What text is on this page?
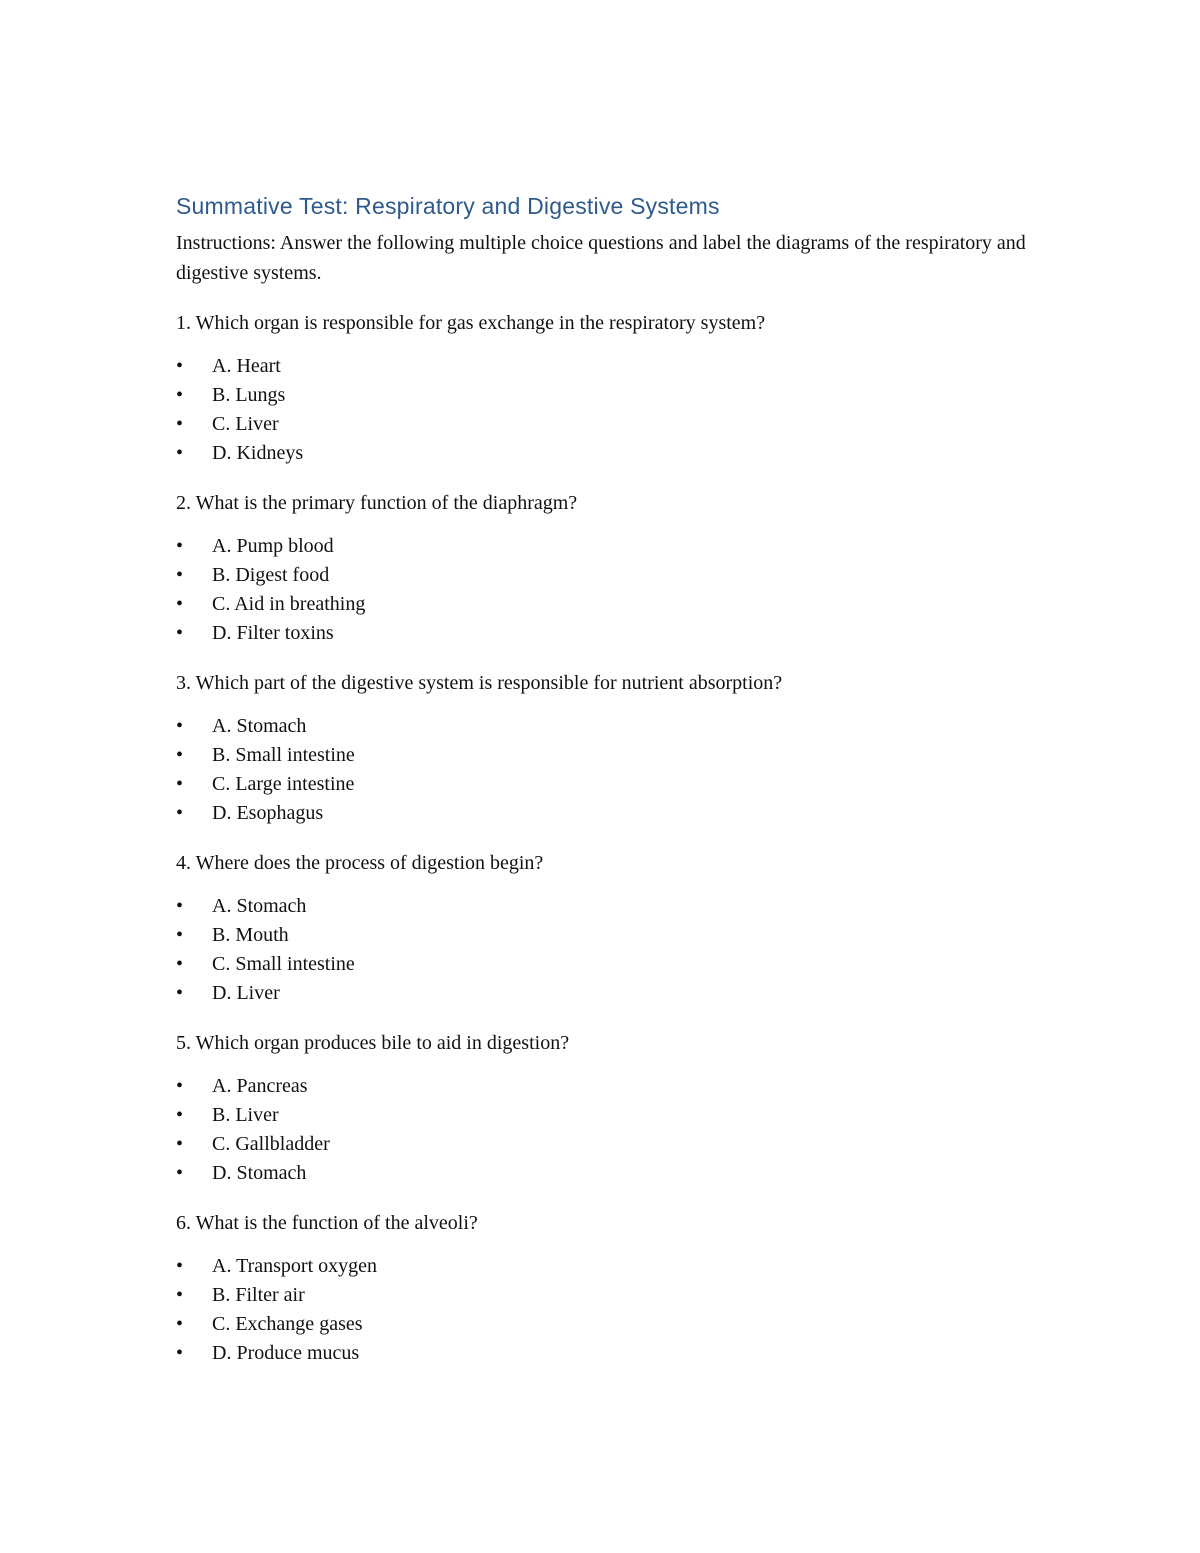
Summative Test: Respiratory and Digestive Systems

Instructions: Answer the following multiple choice questions and label the diagrams of the respiratory and digestive systems.

1. Which organ is responsible for gas exchange in the respiratory system?

• A. Heart
• B. Lungs
• C. Liver
• D. Kidneys

2. What is the primary function of the diaphragm?

• A. Pump blood
• B. Digest food
• C. Aid in breathing
• D. Filter toxins

3. Which part of the digestive system is responsible for nutrient absorption?

• A. Stomach
• B. Small intestine
• C. Large intestine
• D. Esophagus

4. Where does the process of digestion begin?

• A. Stomach
• B. Mouth
• C. Small intestine
• D. Liver

5. Which organ produces bile to aid in digestion?

• A. Pancreas
• B. Liver
• C. Gallbladder
• D. Stomach

6. What is the function of the alveoli?

• A. Transport oxygen
• B. Filter air
• C. Exchange gases
• D. Produce mucus
